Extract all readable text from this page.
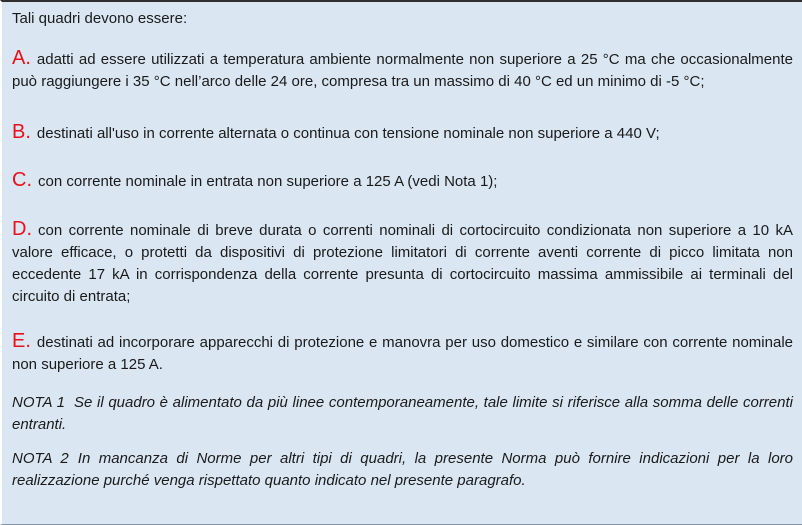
Tali quadri devono essere:

A. adatti ad essere utilizzati a temperatura ambiente normalmente non superiore a 25 °C ma che occasionalmente può raggiungere i 35 °C nell’arco delle 24 ore, compresa tra un massimo di 40 °C ed un minimo di -5 °C;

B. destinati all'uso in corrente alternata o continua con tensione nominale non superiore a 440 V;

C. con corrente nominale in entrata non superiore a 125 A (vedi Nota 1);

D. con corrente nominale di breve durata o correnti nominali di cortocircuito condizionata non superiore a 10 kA valore efficace, o protetti da dispositivi di protezione limitatori di corrente aventi corrente di picco limitata non eccedente 17 kA in corrispondenza della corrente presunta di cortocircuito massima ammissibile ai terminali del circuito di entrata;

E. destinati ad incorporare apparecchi di protezione e manovra per uso domestico e similare con corrente nominale non superiore a 125 A.

NOTA 1 Se il quadro è alimentato da più linee contemporaneamente, tale limite si riferisce alla somma delle correnti entranti.

NOTA 2 In mancanza di Norme per altri tipi di quadri, la presente Norma può fornire indicazioni per la loro realizzazione purché venga rispettato quanto indicato nel presente paragrafo.
